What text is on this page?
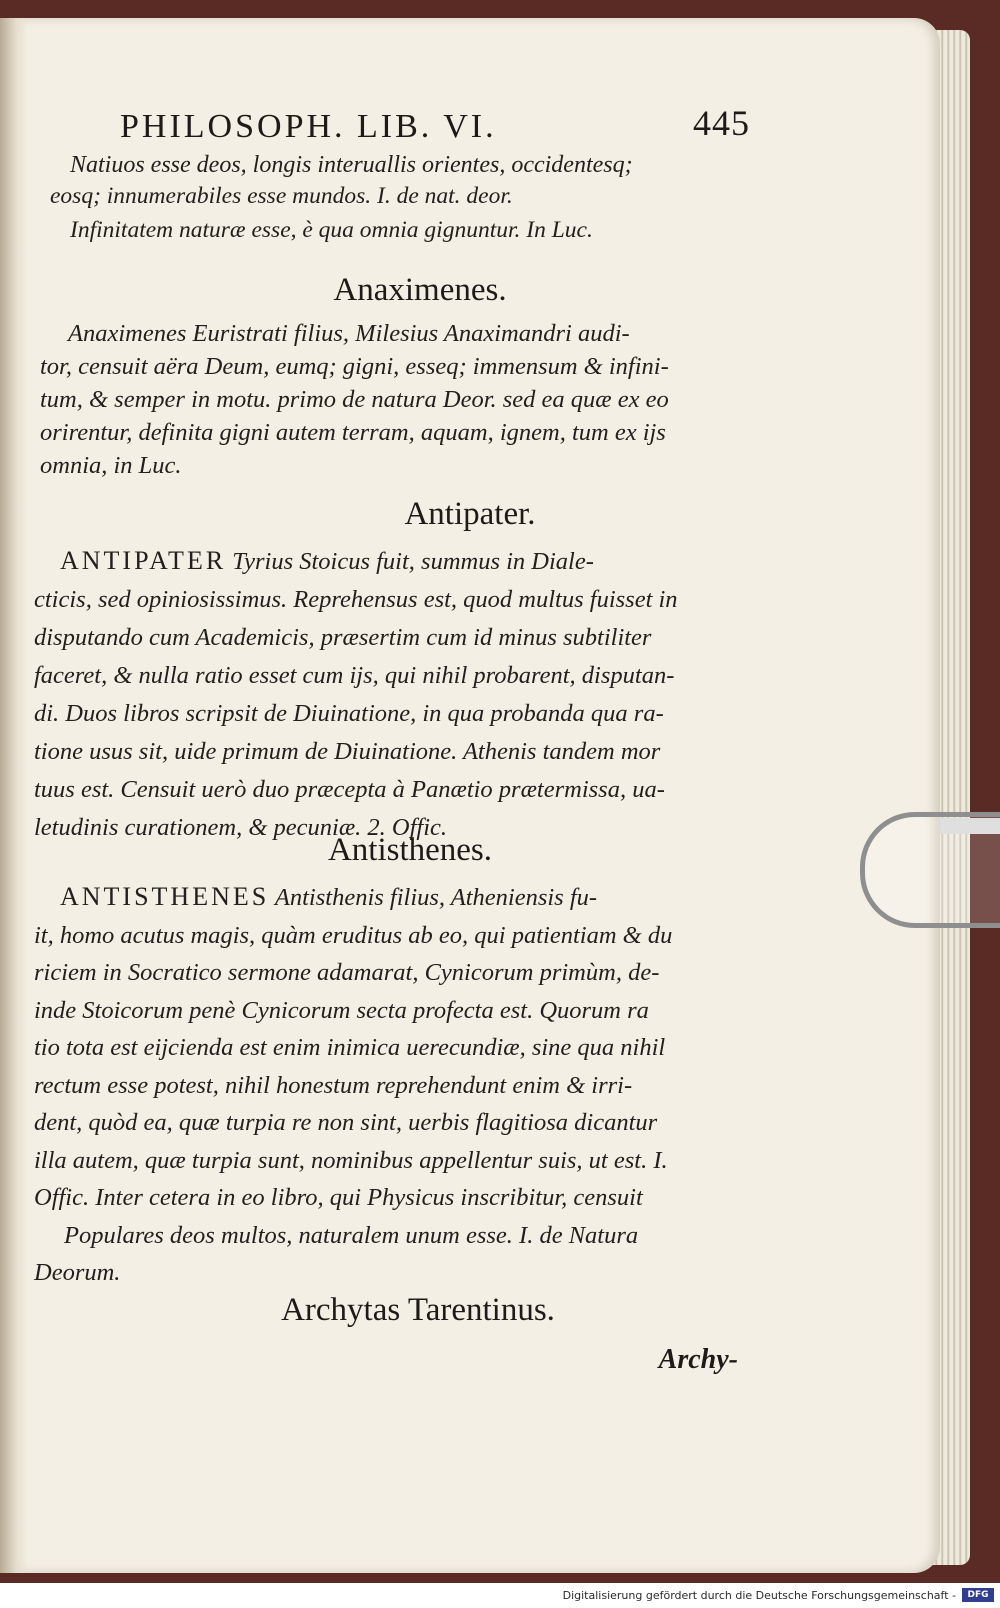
PHILOSOPH. LIB. VI.	445
Natiuos esse deos, longis interuallis orientes, occidentesq;
eosq; innumerabiles esse mundos. I. de nat. deor.
Infinitatem naturæ esse, è qua omnia gignuntur. In Luc.
Anaximenes.
Anaximenes Euristrati filius, Milesius Anaximandri audi-
tor, censuit aëra Deum, eumq; gigni, esseq; immensum & infini-
tum, & semper in motu. primo de natura Deor. sed ea quæ ex eo
orirentur, definita gigni autem terram, aquam, ignem, tum ex ijs
omnia, in Luc.
Antipater.
ANTIPATER Tyrius Stoicus fuit, summus in Diale-
cticis, sed opiniosissimus. Reprehensus est, quod multus fuisset in
disputando cum Academicis, præsertim cum id minus subtiliter
faceret, & nulla ratio esset cum ijs, qui nihil probarent, disputan-
di. Duos libros scripsit de Diuinatione, in qua probanda qua ra-
tione usus sit, uide primum de Diuinatione. Athenis tandem mor
tuus est. Censuit uerò duo præcepta à Panætio prætermissa, ua-
letudinis curationem, & pecuniæ. 2. Offic.
Antisthenes.
ANTISTHENES Antisthenis filius, Atheniensis fu-
it, homo acutus magis, quàm eruditus ab eo, qui patientiam & du
riciem in Socratico sermone adamarat, Cynicorum primùm, de-
inde Stoicorum penè Cynicorum secta profecta est. Quorum ra
tio tota est eijcienda est enim inimica uerecundiæ, sine qua nihil
rectum esse potest, nihil honestum reprehendunt enim & irri-
dent, quòd ea, quæ turpia re non sint, uerbis flagitiosa dicantur
illa autem, quæ turpia sunt, nominibus appellentur suis, ut est. I.
Offic. Inter cetera in eo libro, qui Physicus inscribitur, censuit
Populares deos multos, naturalem unum esse. I. de Natura
Deorum.
Archytas Tarentinus.
Archy-
Digitalisierung gefördert durch die Deutsche Forschungsgemeinschaft -	DFG
